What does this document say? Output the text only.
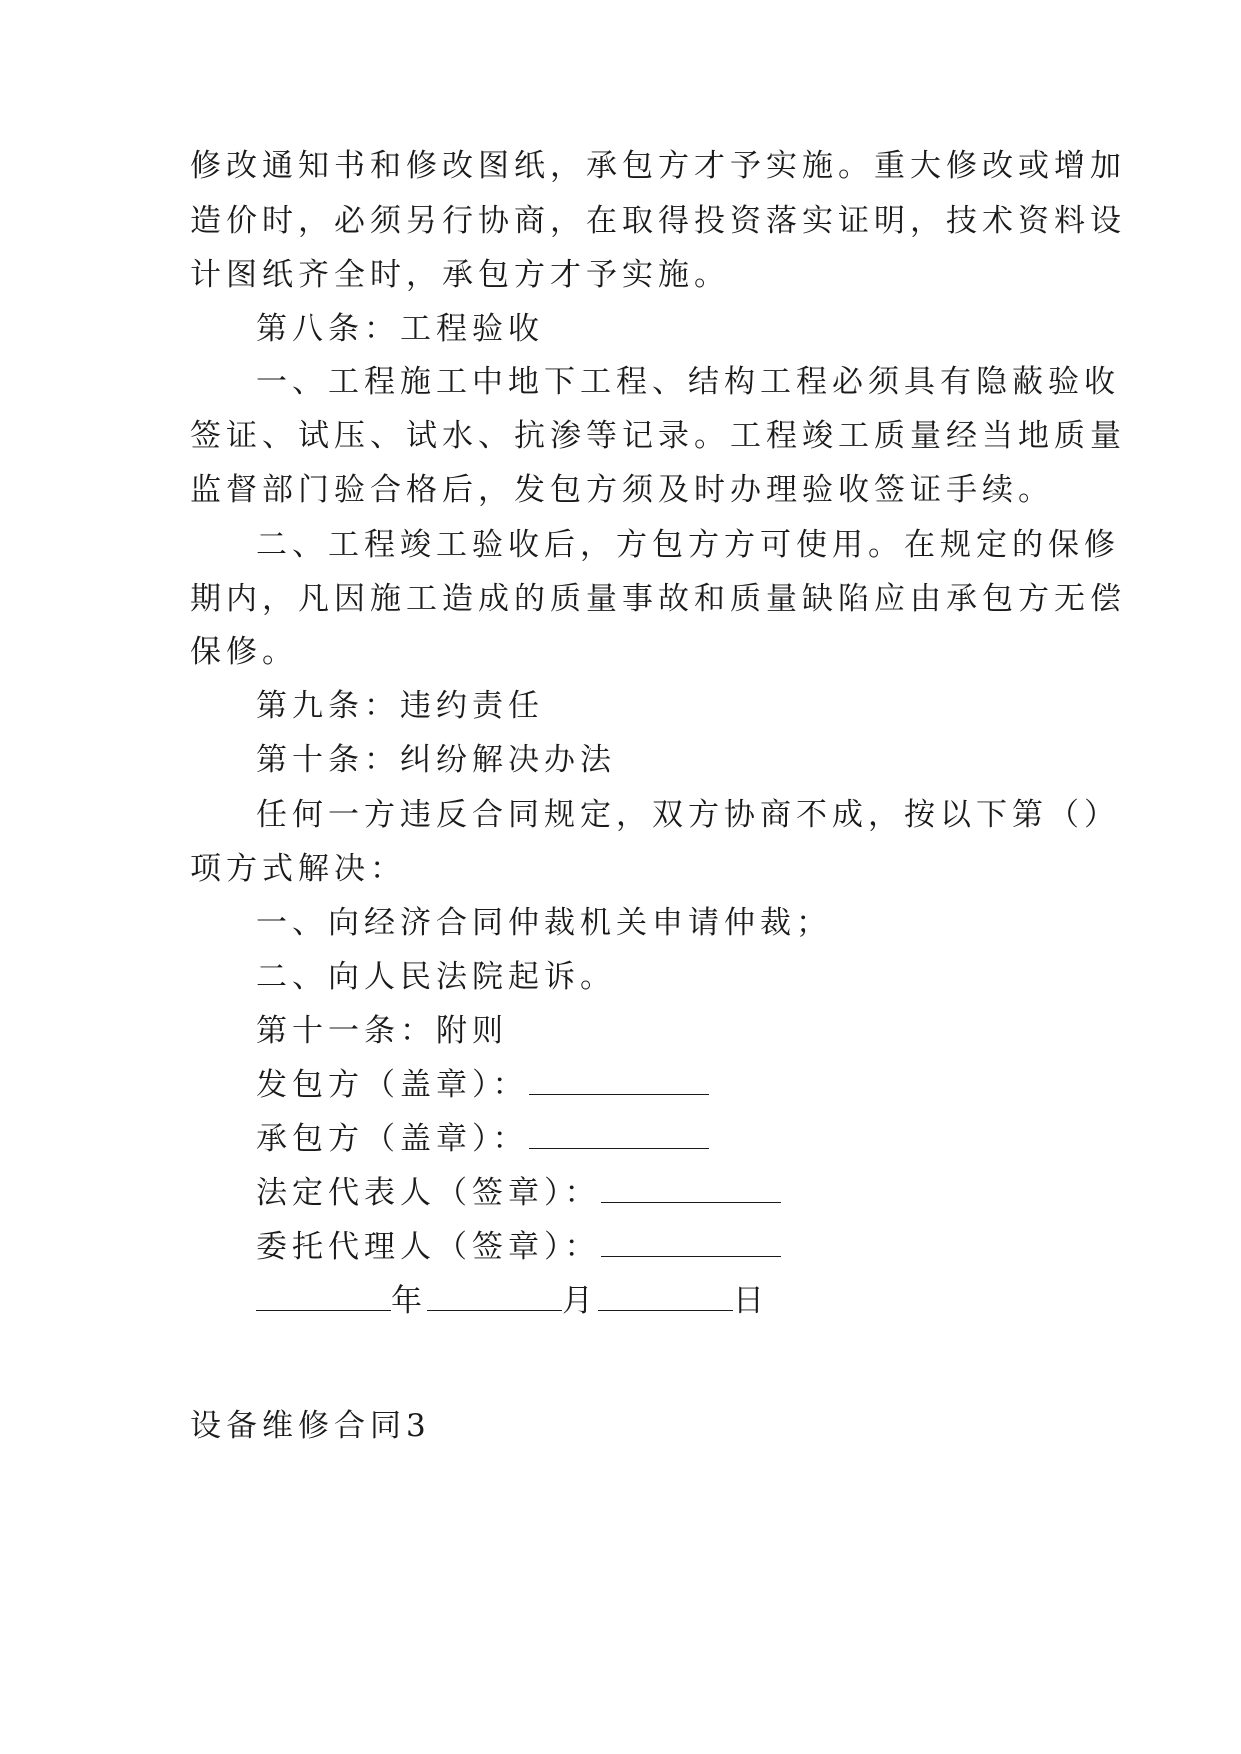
修改通知书和修改图纸，承包方才予实施。重大修改或增加
造价时，必须另行协商，在取得投资落实证明，技术资料设
计图纸齐全时，承包方才予实施。
第八条：工程验收
一、工程施工中地下工程、结构工程必须具有隐蔽验收
签证、试压、试水、抗渗等记录。工程竣工质量经当地质量
监督部门验合格后，发包方须及时办理验收签证手续。
二、工程竣工验收后，方包方方可使用。在规定的保修
期内，凡因施工造成的质量事故和质量缺陷应由承包方无偿
保修。
第九条：违约责任
第十条：纠纷解决办法
任何一方违反合同规定，双方协商不成，按以下第（）
项方式解决：
一、向经济合同仲裁机关申请仲裁；
二、向人民法院起诉。
第十一条：附则
发包方（盖章）：
承包方（盖章）：
法定代表人（签章）：
委托代理人（签章）：
年	月	日
设备维修合同3
